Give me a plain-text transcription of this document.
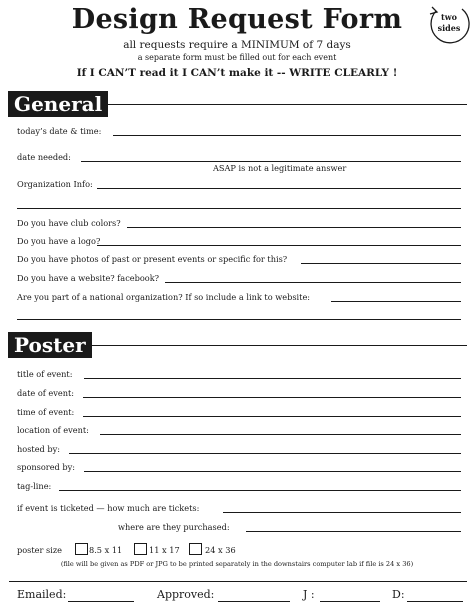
Design Request Form
all requests require a MINIMUM of 7 days
a separate form must be filled out for each event
If I CAN’T read it I CAN’t make it -- WRITE CLEARLY !
two
sides
General
today’s date & time:
date needed:
ASAP is not a legitimate answer
Organization Info:
Do you have club colors?
Do you have a logo?
Do you have photos of past or present events or specific for this?
Do you have a website? facebook?
Are you part of a national organization? If so include a link to website:
Poster
title of event:
date of event:
time of event:
location of event:
hosted by:
sponsored by:
tag-line:
if event is ticketed — how much are tickets:
where are they purchased:
poster size	8.5 x 11	11 x 17	24 x 36
(file will be given as PDF or JPG to be printed separately in the downstairs computer lab if file is 24 x 36)
Emailed:	Approved:	J :	D:
